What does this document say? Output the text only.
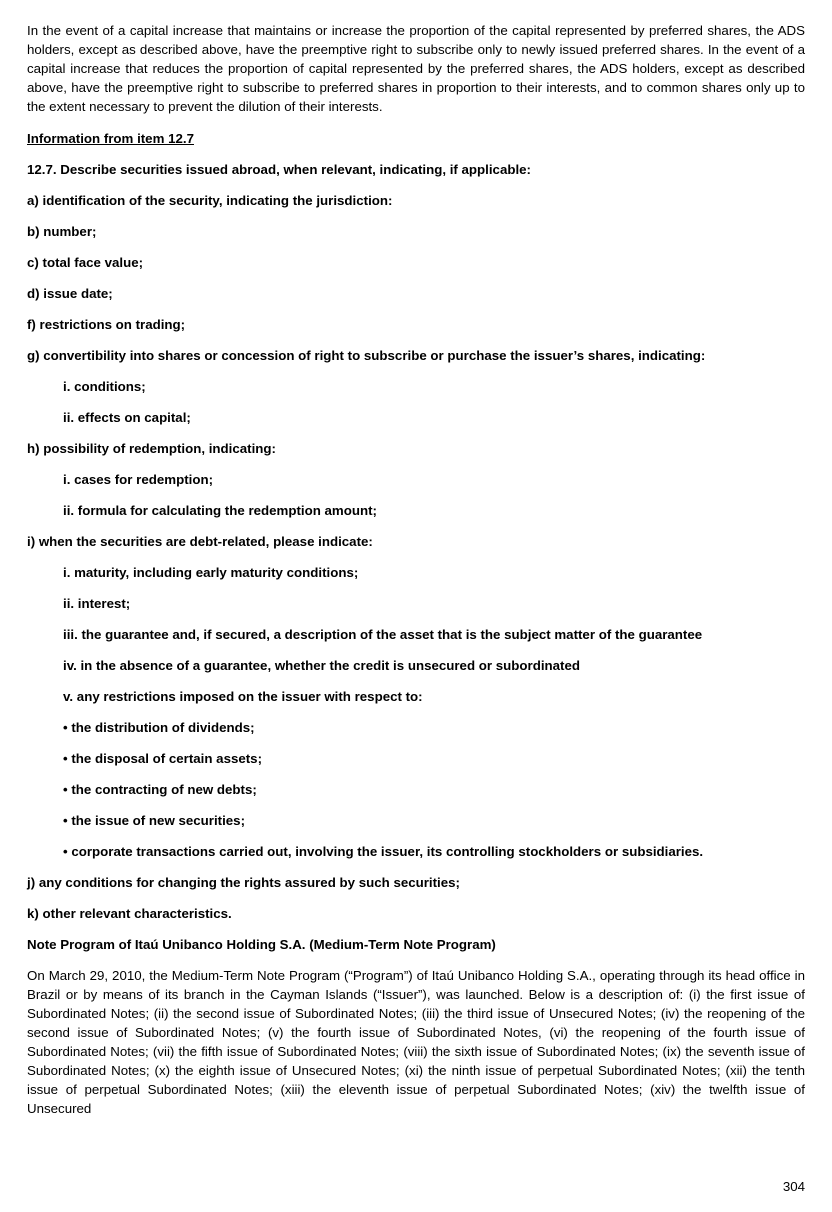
In the event of a capital increase that maintains or increase the proportion of the capital represented by preferred shares, the ADS holders, except as described above, have the preemptive right to subscribe only to newly issued preferred shares. In the event of a capital increase that reduces the proportion of capital represented by the preferred shares, the ADS holders, except as described above, have the preemptive right to subscribe to preferred shares in proportion to their interests, and to common shares only up to the extent necessary to prevent the dilution of their interests.

Information from item 12.7

12.7. Describe securities issued abroad, when relevant, indicating, if applicable:

a) identification of the security, indicating the jurisdiction:

b) number;

c) total face value;

d) issue date;

f) restrictions on trading;

g) convertibility into shares or concession of right to subscribe or purchase the issuer’s shares, indicating:

i. conditions;

ii. effects on capital;

h) possibility of redemption, indicating:

i. cases for redemption;

ii. formula for calculating the redemption amount;

i) when the securities are debt-related, please indicate:

i. maturity, including early maturity conditions;

ii. interest;

iii. the guarantee and, if secured, a description of the asset that is the subject matter of the guarantee

iv. in the absence of a guarantee, whether the credit is unsecured or subordinated

v. any restrictions imposed on the issuer with respect to:

• the distribution of dividends;

• the disposal of certain assets;

• the contracting of new debts;

• the issue of new securities;

• corporate transactions carried out, involving the issuer, its controlling stockholders or subsidiaries.

j) any conditions for changing the rights assured by such securities;

k) other relevant characteristics.

Note Program of Itaú Unibanco Holding S.A. (Medium-Term Note Program)

On March 29, 2010, the Medium-Term Note Program (“Program”) of Itaú Unibanco Holding S.A., operating through its head office in Brazil or by means of its branch in the Cayman Islands (“Issuer”), was launched. Below is a description of: (i) the first issue of Subordinated Notes; (ii) the second issue of Subordinated Notes; (iii) the third issue of Unsecured Notes; (iv) the reopening of the second issue of Subordinated Notes; (v) the fourth issue of Subordinated Notes, (vi) the reopening of the fourth issue of Subordinated Notes; (vii) the fifth issue of Subordinated Notes; (viii) the sixth issue of Subordinated Notes; (ix) the seventh issue of Subordinated Notes; (x) the eighth issue of Unsecured Notes; (xi) the ninth issue of perpetual Subordinated Notes; (xii) the tenth issue of perpetual Subordinated Notes; (xiii) the eleventh issue of perpetual Subordinated Notes; (xiv) the twelfth issue of Unsecured

304
